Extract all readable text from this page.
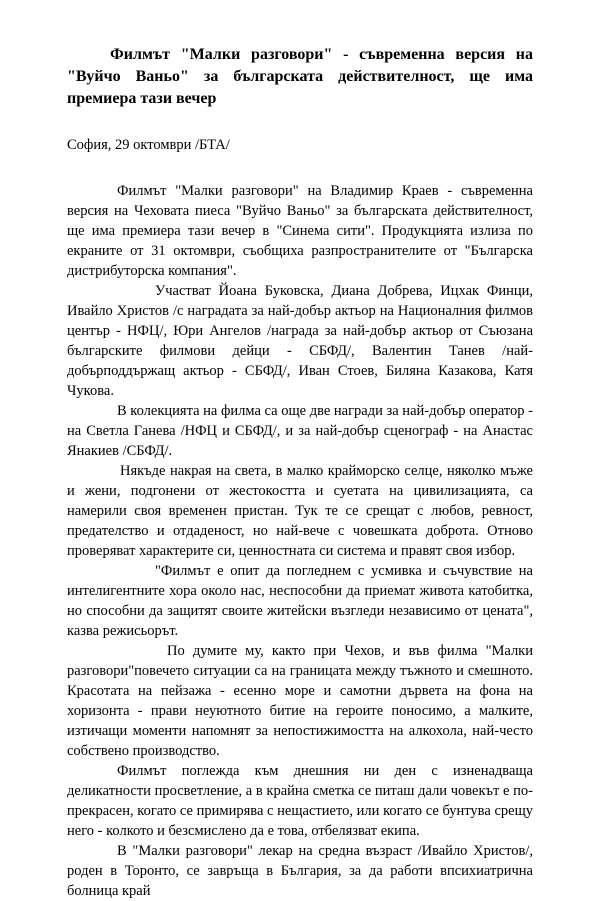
Филмът "Малки разговори" - съвременна версия на "Вуйчо Ваньо" за българската действителност, ще има премиера тази вечер

София, 29 октомври /БТА/

Филмът "Малки разговори" на Владимир Краев - съвременна версия на Чеховата пиеса "Вуйчо Ваньо" за българската действителност, ще има премиера тази вечер в "Синема сити". Продукцията излиза по екраните от 31 октомври, съобщиха разпространителите от "Българска дистрибуторска компания".

Участват Йоана Буковска, Диана Добрева, Ицхак Финци, Ивайло Христов /с наградата за най-добър актьор на Националния филмов център - НФЦ/, Юри Ангелов /награда за най-добър актьор от Съюзана българските филмови дейци - СБФД/, Валентин Танев /най-добърподдържащ актьор - СБФД/, Иван Стоев, Биляна Казакова, Катя Чукова.

В колекцията на филма са още две награди за най-добър оператор - на Светла Ганева /НФЦ и СБФД/, и за най-добър сценограф - на Анастас Янакиев /СБФД/.

Някъде накрая на света, в малко крайморско селце, няколко мъже и жени, подгонени от жестокостта и суетата на цивилизацията, са намерили своя временен пристан. Тук те се срещат с любов, ревност, предателство и отдаденост, но най-вече с човешката доброта. Отново проверяват характерите си, ценностната си система и правят своя избор.

"Филмът е опит да погледнем с усмивка и съчувствие на интелигентните хора около нас, неспособни да приемат живота катобитка, но способни да защитят своите житейски възгледи независимо от цената", казва режисьорът.

По думите му, както при Чехов, и във филма "Малки разговори"повечето ситуации са на границата между тъжното и смешното. Красотата на пейзажа - есенно море и самотни дървета на фона на хоризонта - прави неуютното битие на героите поносимо, а малките, изтичащи моменти напомнят за непостижимостта на алкохола, най-често собствено производство.

Филмът поглежда към днешния ни ден с изненадваща деликатности просветление, а в крайна сметка се питаш дали човекът е по-прекрасен, когато се примирява с нещастието, или когато се бунтува срещу него - колкото и безсмислено да е това, отбелязват екипа.

В "Малки разговори" лекар на средна възраст /Ивайло Христов/, роден в Торонто, се завръща в България, за да работи впсихиатрична болница край
